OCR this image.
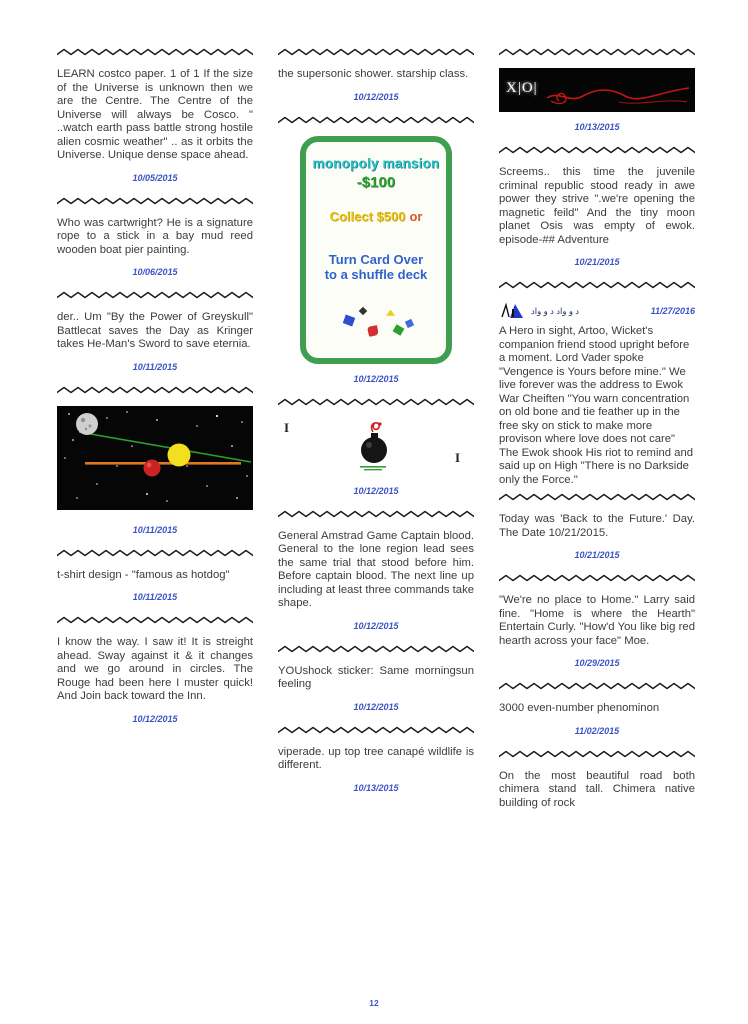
LEARN costco paper. 1 of 1 If the size of the Universe is unknown then we are the Centre. The Centre of the Universe will always be Cosco. " ..watch earth pass battle strong hostile alien cosmic weather" .. as it orbits the Universe. Unique dense space ahead.

10/05/2015

Who was cartwright? He is a signature rope to a stick in a bay mud reed wooden boat pier painting.

10/06/2015

der.. Um "By the Power of Greyskull" Battlecat saves the Day as Kringer takes He-Man's Sword to save eternia.

10/11/2015
10/11/2015

t-shirt design - "famous as hotdog"

10/11/2015

I know the way. I saw it! It is streight ahead. Sway against it & it changes and we go around in circles. The Rouge had been here I muster quick! And Join back toward the Inn.

10/12/2015

the supersonic shower. starship class.

10/12/2015
monopoly mansion
-$100
Collect $500 or
Turn Card Over
to a shuffle deck
10/12/2015
I
I
10/12/2015

General Amstrad Game Captain blood. General to the lone region lead sees the same trial that stood before him. Before captain blood. The next line up including at least three commands take shape.

10/12/2015

YOUshock sticker: Same morningsun feeling

10/12/2015

viperade. up top tree canapé wildlife is different.

10/13/2015
X|O|
10/13/2015

Screems.. this time the juvenile criminal republic stood ready in awe power they strive ".we're opening the magnetic feild" And the tiny moon planet Osis was empty of ewok. episode-## Adventure

10/21/2015
د و واد د و واد	11/27/2016

A Hero in sight, Artoo, Wicket's companion friend stood upright before a moment. Lord Vader spoke "Vengence is Yours before mine." We live forever was the address to Ewok War Cheiften "You warn concentration on old bone and tie feather up in the free sky on stick to make more provison where love does not care" The Ewok shook His riot to remind and said up on High "There is no Darkside only the Force."

Today was 'Back to the Future.' Day. The Date 10/21/2015.

10/21/2015

"We're no place to Home." Larry said fine. "Home is where the Hearth" Entertain Curly. "How'd You like big red hearth across your face" Moe.

10/29/2015

3000 even-number phenominon

11/02/2015

On the most beautiful road both chimera stand tall. Chimera native building of rock

12
